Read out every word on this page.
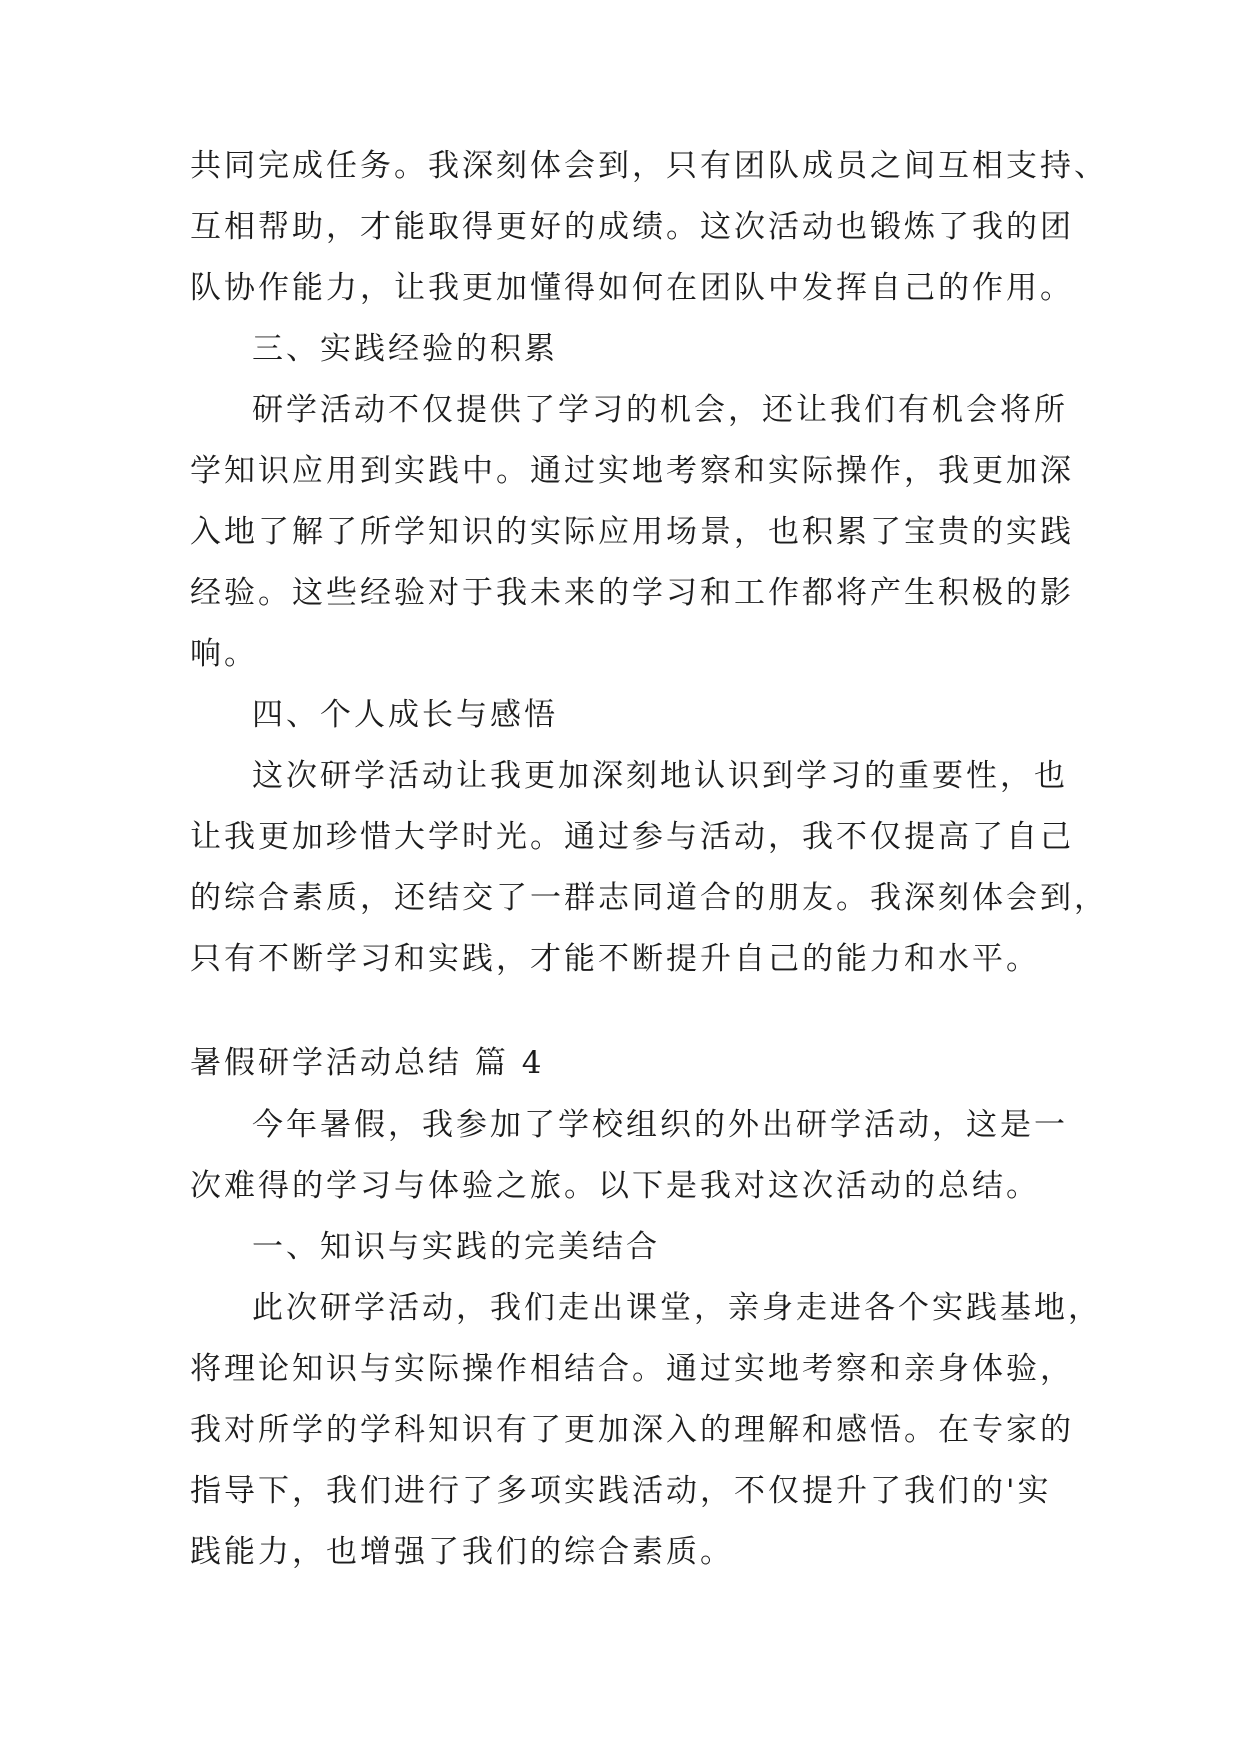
共同完成任务。我深刻体会到，只有团队成员之间互相支持、
互相帮助，才能取得更好的成绩。这次活动也锻炼了我的团
队协作能力，让我更加懂得如何在团队中发挥自己的作用。
三、实践经验的积累
研学活动不仅提供了学习的机会，还让我们有机会将所
学知识应用到实践中。通过实地考察和实际操作，我更加深
入地了解了所学知识的实际应用场景，也积累了宝贵的实践
经验。这些经验对于我未来的学习和工作都将产生积极的影
响。
四、个人成长与感悟
这次研学活动让我更加深刻地认识到学习的重要性，也
让我更加珍惜大学时光。通过参与活动，我不仅提高了自己
的综合素质，还结交了一群志同道合的朋友。我深刻体会到，
只有不断学习和实践，才能不断提升自己的能力和水平。
暑假研学活动总结 篇 4
今年暑假，我参加了学校组织的外出研学活动，这是一
次难得的学习与体验之旅。以下是我对这次活动的总结。
一、知识与实践的完美结合
此次研学活动，我们走出课堂，亲身走进各个实践基地，
将理论知识与实际操作相结合。通过实地考察和亲身体验，
我对所学的学科知识有了更加深入的理解和感悟。在专家的
指导下，我们进行了多项实践活动，不仅提升了我们的'实
践能力，也增强了我们的综合素质。
